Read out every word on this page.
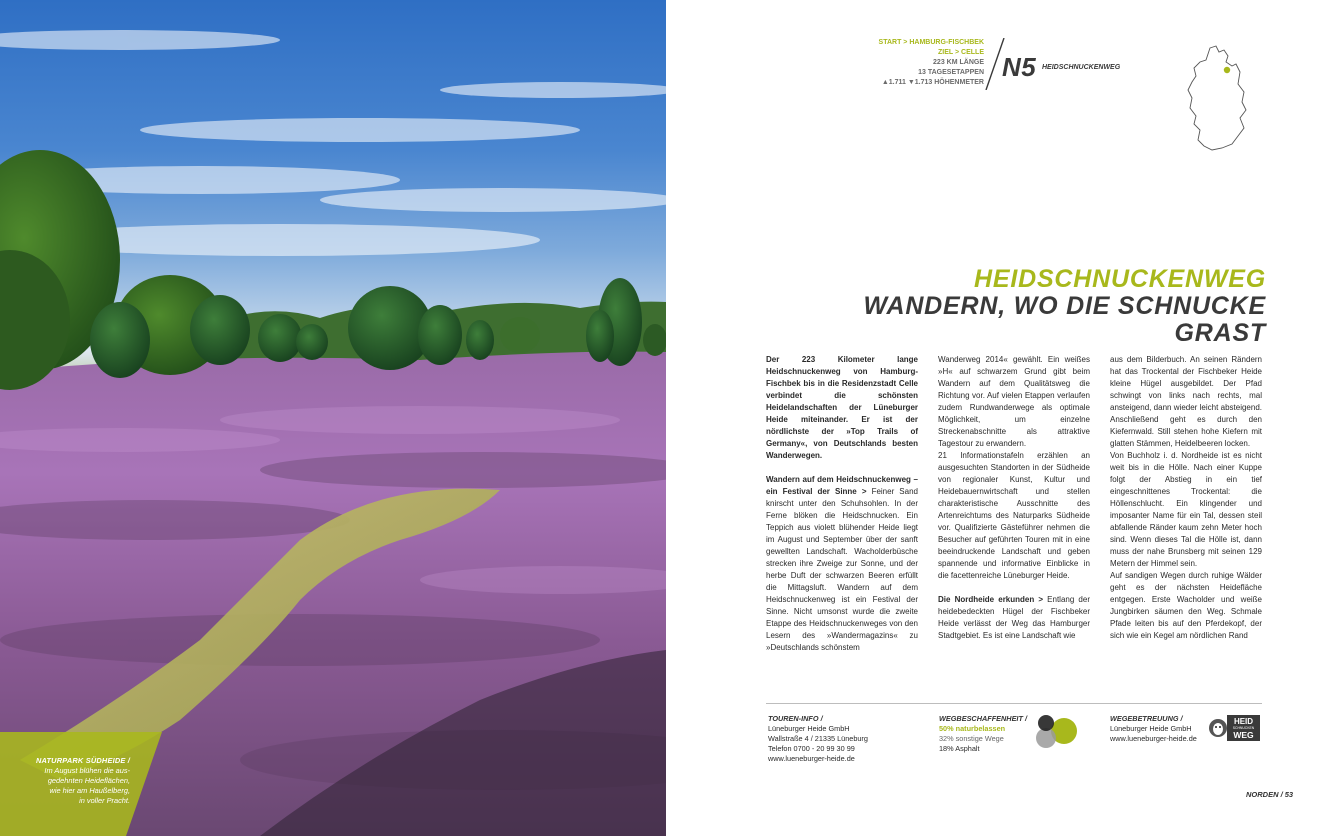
NATURPARK SÜDHEIDE /
Im August blühen die aus-
gedehnten Heideflächen,
wie hier am Haußelberg,
in voller Pracht.
START > HAMBURG-FISCHBEK
ZIEL > CELLE
223 KM LÄNGE
13 TAGESETAPPEN
▲1.711 ▼1.713 HÖHENMETER
N5 HEIDSCHNUCKENWEG
HEIDSCHNUCKENWEG
WANDERN, WO DIE SCHNUCKE GRAST

Der 223 Kilometer lange Heidschnuckenweg von Hamburg-Fischbek bis in die Residenzstadt Celle verbindet die schönsten Heidelandschaften der Lüneburger Heide miteinander. Er ist der nördlichste der »Top Trails of Germany«, von Deutschlands besten Wanderwegen.

Wandern auf dem Heidschnuckenweg – ein Festival der Sinne > Feiner Sand knirscht unter den Schuhsohlen. In der Ferne blöken die Heidschnucken. Ein Teppich aus violett blühender Heide liegt im August und September über der sanft gewellten Landschaft. Wacholderbüsche strecken ihre Zweige zur Sonne, und der herbe Duft der schwarzen Beeren erfüllt die Mittagsluft. Wandern auf dem Heidschnuckenweg ist ein Festival der Sinne. Nicht umsonst wurde die zweite Etappe des Heidschnuckenweges von den Lesern des »Wandermagazins« zu »Deutschlands schönstem

Wanderweg 2014« gewählt. Ein weißes »H« auf schwarzem Grund gibt beim Wandern auf dem Qualitätsweg die Richtung vor. Auf vielen Etappen verlaufen zudem Rundwanderwege als optimale Möglichkeit, um einzelne Streckenabschnitte als attraktive Tagestour zu erwandern.

21 Informationstafeln erzählen an ausgesuchten Standorten in der Südheide von regionaler Kunst, Kultur und Heidebauernwirtschaft und stellen charakteristische Ausschnitte des Artenreichtums des Naturparks Südheide vor. Qualifizierte Gästeführer nehmen die Besucher auf geführten Touren mit in eine beeindruckende Landschaft und geben spannende und informative Einblicke in die facettenreiche Lüneburger Heide.

Die Nordheide erkunden > Entlang der heidebedeckten Hügel der Fischbeker Heide verlässt der Weg das Hamburger Stadtgebiet. Es ist eine Landschaft wie

aus dem Bilderbuch. An seinen Rändern hat das Trockental der Fischbeker Heide kleine Hügel ausgebildet. Der Pfad schwingt von links nach rechts, mal ansteigend, dann wieder leicht absteigend. Anschließend geht es durch den Kiefernwald. Still stehen hohe Kiefern mit glatten Stämmen, Heidelbeeren locken.

Von Buchholz i. d. Nordheide ist es nicht weit bis in die Hölle. Nach einer Kuppe folgt der Abstieg in ein tief eingeschnittenes Trockental: die Höllenschlucht. Ein klingender und imposanter Name für ein Tal, dessen steil abfallende Ränder kaum zehn Meter hoch sind. Wenn dieses Tal die Hölle ist, dann muss der nahe Brunsberg mit seinen 129 Metern der Himmel sein.

Auf sandigen Wegen durch ruhige Wälder geht es der nächsten Heidefläche entgegen. Erste Wacholder und weiße Jungbirken säumen den Weg. Schmale Pfade leiten bis auf den Pferdekopf, der sich wie ein Kegel am nördlichen Rand

TOUREN-INFO /
Lüneburger Heide GmbH
Wallstraße 4 / 21335 Lüneburg
Telefon 0700 - 20 99 30 99
www.lueneburger-heide.de
WEGBESCHAFFENHEIT /
50% naturbelassen
32% sonstige Wege
18% Asphalt
WEGEBETREUUNG /
Lüneburger Heide GmbH
www.lueneburger-heide.de
HEID
SCHNUCKEN
WEG
NORDEN / 53
